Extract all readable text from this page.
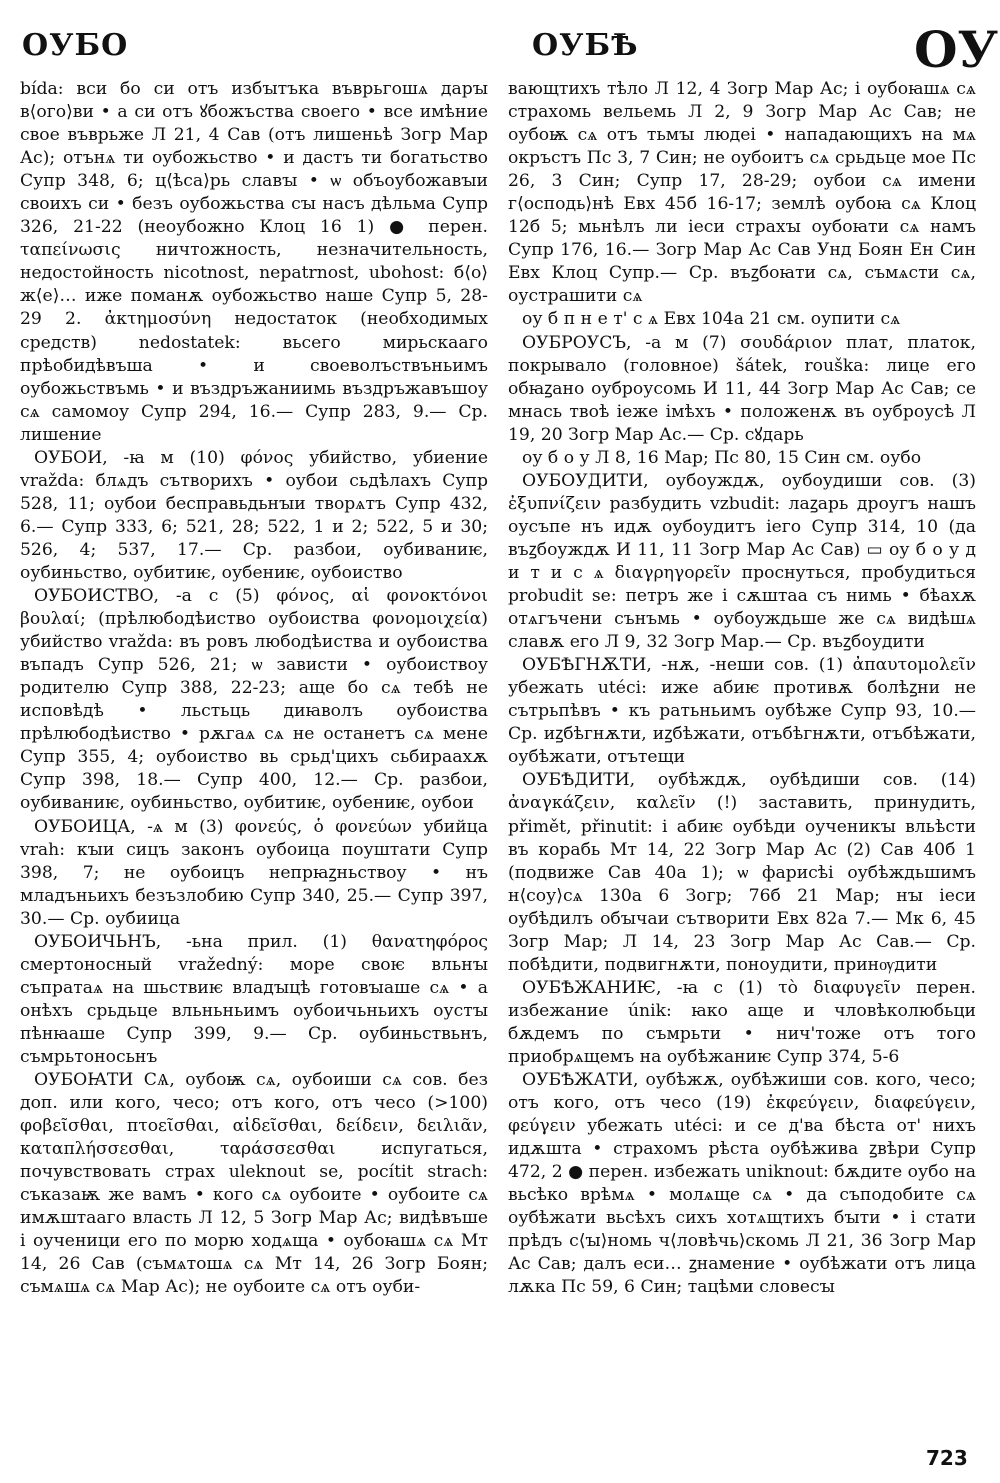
ОУБО	ОУБѢ	ОУ

bída: вси бо си отъ избꙑтъка въврьгошѧ дарꙑ в⟨ого⟩ви • а си отъ ꙋбожъства своего • все имѣние свое въврьже Л 21, 4 Сав (отъ лишеньѣ Зогр Мар Ас); отънѧ ти оубожьство • и дастъ ти богатьство Супр 348, 6; ц⟨ѣса⟩рь славꙑ • ѡ объоубожавꙑи своихъ си • безъ оубожьства сꙑ насъ дѣльма Супр 326, 21-22 (неоубожно Клоц 16 1) ● перен. ταπείνωσις ничтожность, незначительность, недостойность nicotnost, nepatrnost, ubohost: б⟨о⟩ж⟨е⟩… иже поманѫ оубожьство наше Супр 5, 28-29 2. ἀκτημοσύνη недостаток (необходимых средств) nedostatek: вьсего мирьскааго прѣобидѣвъша • и своеволъствъньимъ оубожьствъмь • и въздръжаниимь въздръжавъшоу сѧ самомоу Супр 294, 16.— Супр 283, 9.— Ср. лишение

ОУБОИ, -ꙗ м (10) φόνος убийство, убиение vražda: блѧдъ сътворихъ • оубои сьдѣлахъ Супр 528, 11; оубои бесправьдьнꙑи творѧтъ Супр 432, 6.— Супр 333, 6; 521, 28; 522, 1 и 2; 522, 5 и 30; 526, 4; 537, 17.— Ср. разбои, оубиваниѥ, оубиньство, оубитиѥ, оубениѥ, оубоиство

ОУБОИСТВО, -а с (5) φόνος, αἱ φονοκτόνοι βουλαί; (прѣлюбодѣиство оубоиства φονομοιχεία) убийство vražda: въ ровъ любодѣиства и оубоиства въпадъ Супр 526, 21; ѡ зависти • оубоиствоу родителю Супр 388, 22-23; аще бо сѧ тебѣ не исповѣдѣ • льстьць диꙗволъ оубоиства прѣлюбодѣиство • рѫгаѧ сѧ не останетъ сѧ мене Супр 355, 4; оубоиство вь срьд'цихъ сьбираахѫ Супр 398, 18.— Супр 400, 12.— Ср. разбои, оубиваниѥ, оубиньство, оубитиѥ, оубениѥ, оубои

ОУБОИЦА, -ѧ м (3) φονεύς, ὁ φονεύων убийца vrah: кꙑи сицъ законъ оубоица поуштати Супр 398, 7; не оубоицъ непрꙗꙁньствоу • нъ младъньихъ безъзлобию Супр 340, 25.— Супр 397, 30.— Ср. оубиица

ОУБОИЧЬНЪ, -ьна прил. (1) θανατηφόρος смертоносный vražedný: море своѥ вльнꙑ съпратаѧ на шьствиѥ владꙑцѣ готовꙑаше сѧ • а онѣхъ срьдьце вльньньимъ оубоичьньихъ оустꙑ пѣнꙗаше Супр 399, 9.— Ср. оубиньствьнъ, съмрьтоносьнъ

ОУБОꙖТИ СѦ, оубоѭ сѧ, оубоиши сѧ сов. без доп. или кого, чесо; отъ кого, отъ чесо (>100) φοβεῖσθαι, πτοεῖσθαι, αἰδεῖσθαι, δείδειν, δειλιᾶν, καταπλήσσεσθαι, ταράσσεσθαι испугаться, почувствовать страх uleknout se, pocítit strach: съказаѭ же вамъ • кого сѧ оубоите • оубоите сѧ имѫштааго власть Л 12, 5 Зогр Мар Ас; видѣвъше і оученици его по морю ходѧща • оубоꙗшѧ сѧ Мт 14, 26 Сав (съмѧтошѧ сѧ Мт 14, 26 Зогр Боян; съмѧшѧ сѧ Мар Ас); не оубоите сѧ отъ оуби-

вающтихъ тѣло Л 12, 4 Зогр Мар Ас; і оубоꙗшѧ сѧ страхомь вельемь Л 2, 9 Зогр Мар Ас Сав; не оубоѭ сѧ отъ тьмꙑ людеі • нападающихъ на мѧ окръстъ Пс 3, 7 Син; не оубоитъ сѧ срьдьце мое Пс 26, 3 Син; Супр 17, 28-29; оубои сѧ имени г⟨осподь⟩нѣ Евх 45б 16-17; землѣ оубоꙗ сѧ Клоц 12б 5; мьнѣлъ ли іеси страхꙑ оубоꙗти сѧ намъ Супр 176, 16.— Зогр Мар Ас Сав Унд Боян Ен Син Евх Клоц Супр.— Ср. въꙁбоꙗти сѧ, съмѧсти сѧ, оустрашити сѧ

оу б п н е т' с ѧ Евх 104а 21 см. оупити сѧ

ОУБРОУСЪ, -а м (7) σουδάριον плат, платок, покрывало (головное) šátek, rouška: лице его обꙗꙁано оуброусомь И 11, 44 Зогр Мар Ас Сав; се мнась твоѣ іеже імѣхъ • положенѫ въ оуброусѣ Л 19, 20 Зогр Мар Ас.— Ср. сꙋдарь

оу б о у Л 8, 16 Мар; Пс 80, 15 Син см. оубо

ОУБОУДИТИ, оубоуждѫ, оубоудиши сов. (3) ἐξυπνίζειν разбудить vzbudit: лаꙁарь дроугъ нашъ оусъпе нъ идѫ оубоудитъ іего Супр 314, 10 (да въꙁбоуждѫ И 11, 11 Зогр Мар Ас Сав) ▭ оу б о у д и т и с ѧ διαγρηγορεῖν проснуться, пробудиться probudit se: петръ же і сѫштаа съ нимь • бѣахѫ отѧгъчени сънъмь • оубоуждьше же сѧ видѣшѧ славѫ его Л 9, 32 Зогр Мар.— Ср. въꙁбоудити

ОУБѢГНѪТИ, -нѫ, -неши сов. (1) ἀπαυτομολεῖν убежать utéci: иже абиѥ противѫ болѣꙁни не сътрьпѣвъ • къ ратьньимъ оубѣже Супр 93, 10.— Ср. иꙁбѣгнѫти, иꙁбѣжати, отъбѣгнѫти, отъбѣжати, оубѣжати, отътещи

ОУБѢДИТИ, оубѣждѫ, оубѣдиши сов. (14) ἀναγκάζειν, καλεῖν (!) заставить, принудить, přimět, přinutit: і абиѥ оубѣди оученикꙑ вльѣсти въ корабь Мт 14, 22 Зогр Мар Ас (2) Сав 40б 1 (подвиже Сав 40а 1); ѡ фарисѣі оубѣждьшимъ н⟨соу⟩сѧ 130а 6 Зогр; 76б 21 Мар; нꙑ іеси оубѣдилъ обꙑчаи сътворити Евх 82а 7.— Мк 6, 45 Зогр Мар; Л 14, 23 Зогр Мар Ас Сав.— Ср. побѣдити, подвигнѫти, поноудити, принѹдити

ОУБѢЖАНИѤ, -ꙗ с (1) τὸ διαφυγεῖν перен. избежание únik: ꙗко аще и чловѣколюбьци бѫдемъ по съмрьти • нич'тоже отъ того приобрѧщемъ на оубѣжаниѥ Супр 374, 5-6

ОУБѢЖАТИ, оубѣжѫ, оубѣжиши сов. кого, чесо; отъ кого, отъ чесо (19) ἐκφεύγειν, διαφεύγειν, φεύγειν убежать utéci: и се д'ва бѣста от' нихъ идѫшта • страхомъ рѣста оубѣжива ꙁвѣри Супр 472, 2 ● перен. избежать uniknout: бѫдите оубо на вьсѣко врѣмѧ • молѧще сѧ • да съподобите сѧ оубѣжати вьсѣхъ сихъ хотѧщтихъ бꙑти • і стати прѣдъ с⟨ꙑ⟩номь ч⟨ловѣчь⟩скомь Л 21, 36 Зогр Мар Ас Сав; далъ еси… ꙁнамение • оубѣжати отъ лица лѫка Пс 59, 6 Син; тацѣми словесꙑ

723
